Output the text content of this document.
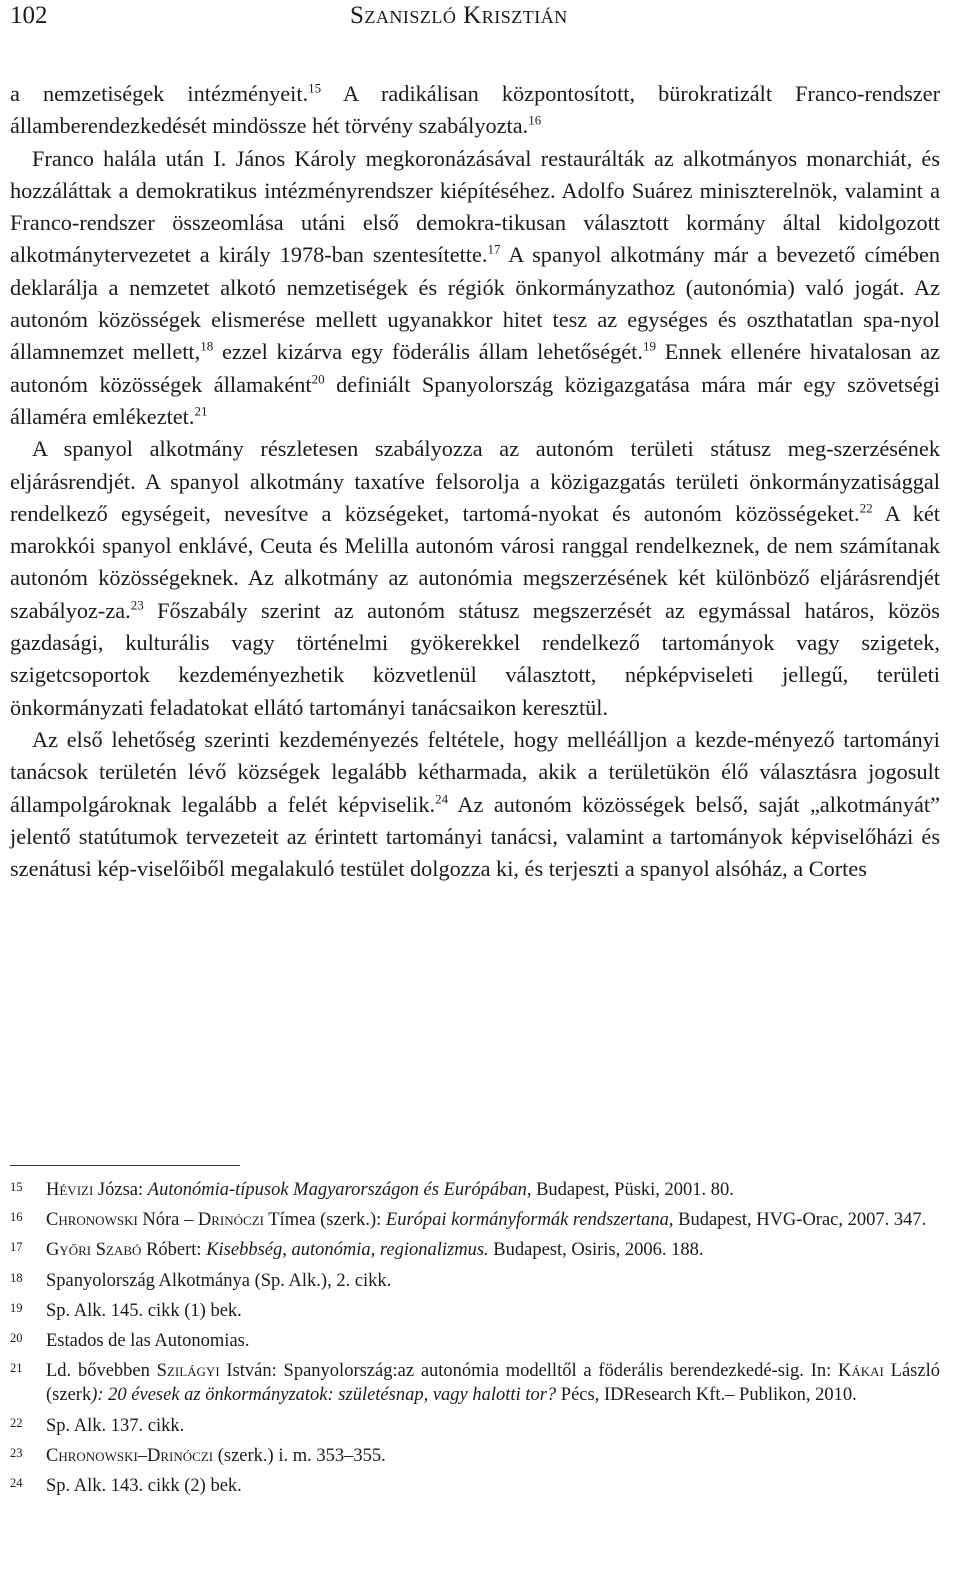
102	Szaniszló Krisztián

a nemzetiségek intézményeit.$^{15}$ A radikálisan központosított, bürokratizált Franco-rendszer államberendezkedését mindössze hét törvény szabályozta.$^{16}$

Franco halála után I. János Károly megkoronázásával restaurálták az alkotmányos monarchiát, és hozzáláttak a demokratikus intézményrendszer kiépítéséhez. Adolfo Suárez miniszterelnök, valamint a Franco-rendszer összeomlása utáni első demokra-tikusan választott kormány által kidolgozott alkotmánytervezetet a király 1978-ban szentesítette.$^{17}$ A spanyol alkotmány már a bevezető címében deklarálja a nemzetet alkotó nemzetiségek és régiók önkormányzathoz (autonómia) való jogát. Az autonóm közösségek elismerése mellett ugyanakkor hitet tesz az egységes és oszthatatlan spa-nyol államnemzet mellett,$^{18}$ ezzel kizárva egy föderális állam lehetőségét.$^{19}$ Ennek ellenére hivatalosan az autonóm közösségek államaként$^{20}$ definiált Spanyolország közigazgatása mára már egy szövetségi államéra emlékeztet.$^{21}$

A spanyol alkotmány részletesen szabályozza az autonóm területi státusz meg-szerzésének eljárásrendjét. A spanyol alkotmány taxatíve felsorolja a közigazgatás területi önkormányzatisággal rendelkező egységeit, nevesítve a községeket, tartomá-nyokat és autonóm közösségeket.$^{22}$ A két marokkói spanyol enklávé, Ceuta és Melilla autonóm városi ranggal rendelkeznek, de nem számítanak autonóm közösségeknek. Az alkotmány az autonómia megszerzésének két különböző eljárásrendjét szabályoz-za.$^{23}$ Főszabály szerint az autonóm státusz megszerzését az egymással határos, közös gazdasági, kulturális vagy történelmi gyökerekkel rendelkező tartományok vagy szigetek, szigetcsoportok kezdeményezhetik közvetlenül választott, népképviseleti jellegű, területi önkormányzati feladatokat ellátó tartományi tanácsaikon keresztül.

Az első lehetőség szerinti kezdeményezés feltétele, hogy melléálljon a kezde-ményező tartományi tanácsok területén lévő községek legalább kétharmada, akik a területükön élő választásra jogosult állampolgároknak legalább a felét képviselik.$^{24}$ Az autonóm közösségek belső, saját „alkotmányát” jelentő statútumok tervezeteit az érintett tartományi tanácsi, valamint a tartományok képviselőházi és szenátusi kép-viselőiből megalakuló testület dolgozza ki, és terjeszti a spanyol alsóház, a Cortes

15 Hévizi Józsa: Autonómia-típusok Magyarországon és Európában, Budapest, Püski, 2001. 80.
16 Chronowski Nóra – Drinóczi Tímea (szerk.): Európai kormányformák rendszertana, Budapest, HVG-Orac, 2007. 347.
17 Győri Szabó Róbert: Kisebbség, autonómia, regionalizmus. Budapest, Osiris, 2006. 188.
18 Spanyolország Alkotmánya (Sp. Alk.), 2. cikk.
19 Sp. Alk. 145. cikk (1) bek.
20 Estados de las Autonomias.
21 Ld. bővebben Szilágyi István: Spanyolország:az autonómia modelltől a föderális berendezkedé-sig. In: Kákai László (szerk): 20 évesek az önkormányzatok: születésnap, vagy halotti tor? Pécs, IDResearch Kft.– Publikon, 2010.
22 Sp. Alk. 137. cikk.
23 Chronowski–Drinóczi (szerk.) i. m. 353–355.
24 Sp. Alk. 143. cikk (2) bek.
